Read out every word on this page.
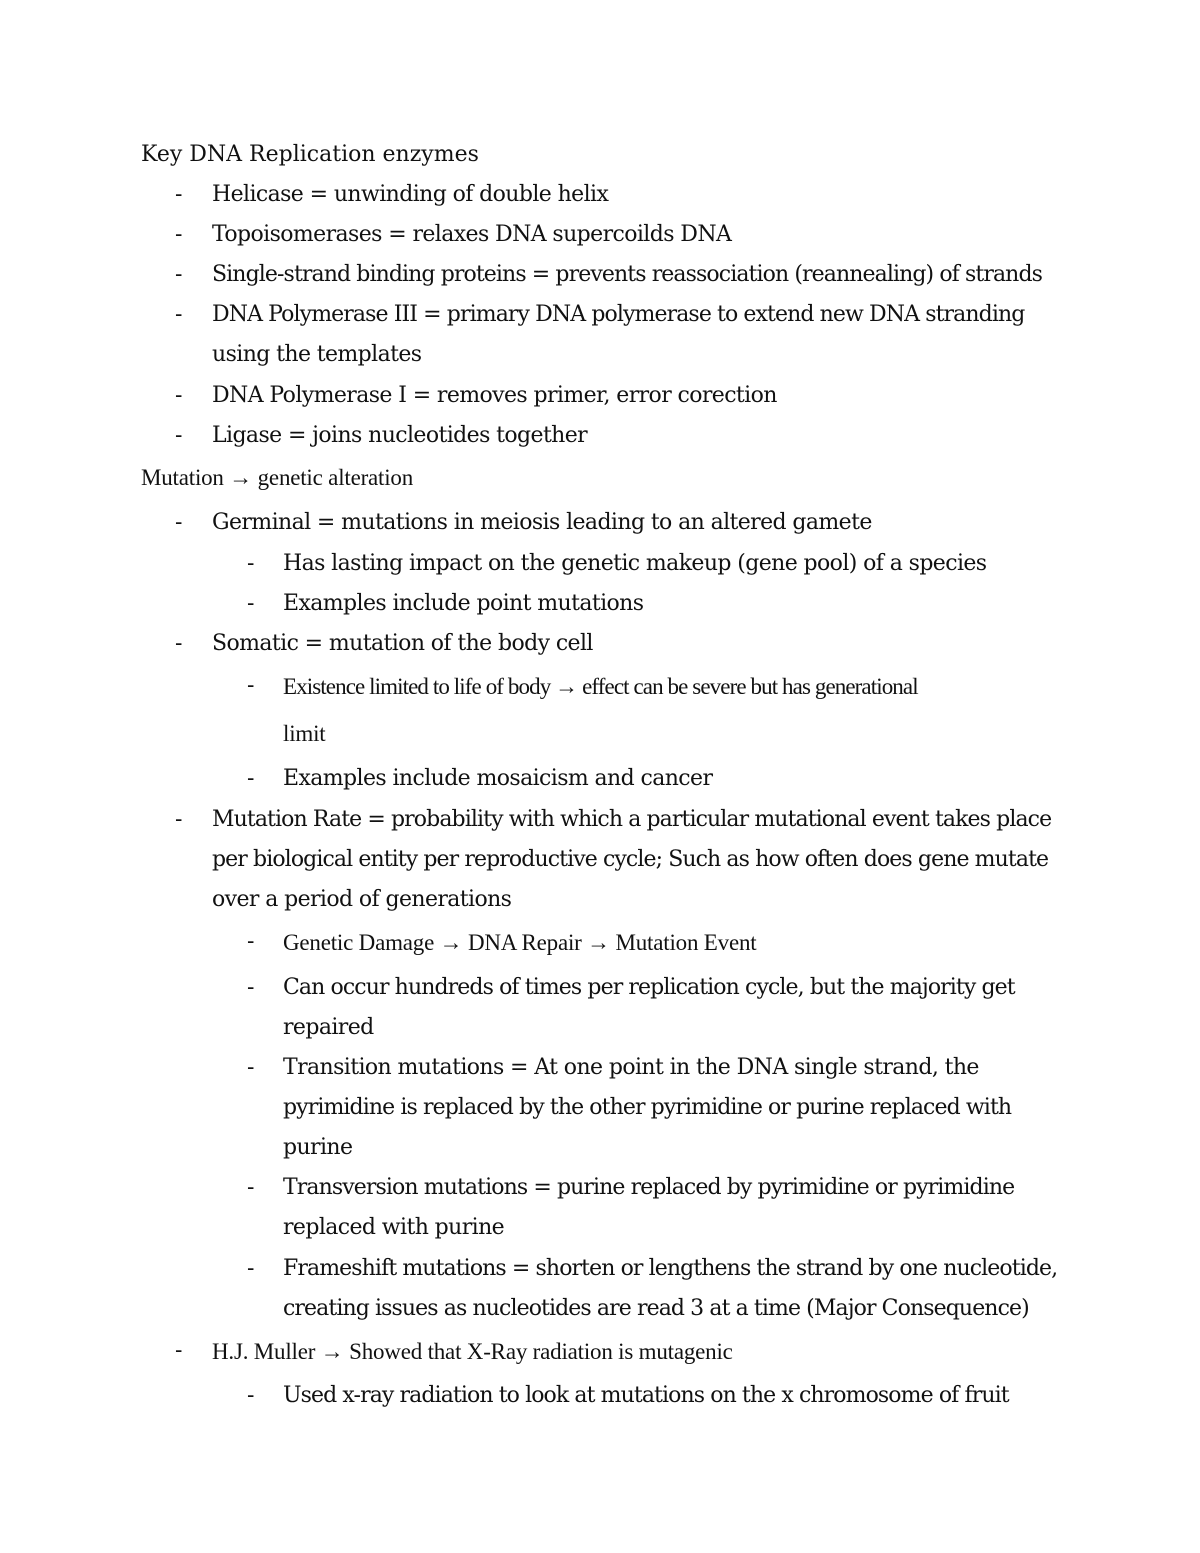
Key DNA Replication enzymes
- Helicase = unwinding of double helix
- Topoisomerases = relaxes DNA supercoilds DNA
- Single-strand binding proteins = prevents reassociation (reannealing) of strands
- DNA Polymerase III = primary DNA polymerase to extend new DNA stranding
using the templates
- DNA Polymerase I = removes primer, error corection
- Ligase = joins nucleotides together
Mutation → genetic alteration
- Germinal = mutations in meiosis leading to an altered gamete
- Has lasting impact on the genetic makeup (gene pool) of a species
- Examples include point mutations
- Somatic = mutation of the body cell
- Existence limited to life of body → effect can be severe but has generational
limit
- Examples include mosaicism and cancer
- Mutation Rate = probability with which a particular mutational event takes place
per biological entity per reproductive cycle; Such as how often does gene mutate
over a period of generations
- Genetic Damage → DNA Repair → Mutation Event
- Can occur hundreds of times per replication cycle, but the majority get
repaired
- Transition mutations = At one point in the DNA single strand, the
pyrimidine is replaced by the other pyrimidine or purine replaced with
purine
- Transversion mutations = purine replaced by pyrimidine or pyrimidine
replaced with purine
- Frameshift mutations = shorten or lengthens the strand by one nucleotide,
creating issues as nucleotides are read 3 at a time (Major Consequence)
- H.J. Muller → Showed that X-Ray radiation is mutagenic
- Used x-ray radiation to look at mutations on the x chromosome of fruit
